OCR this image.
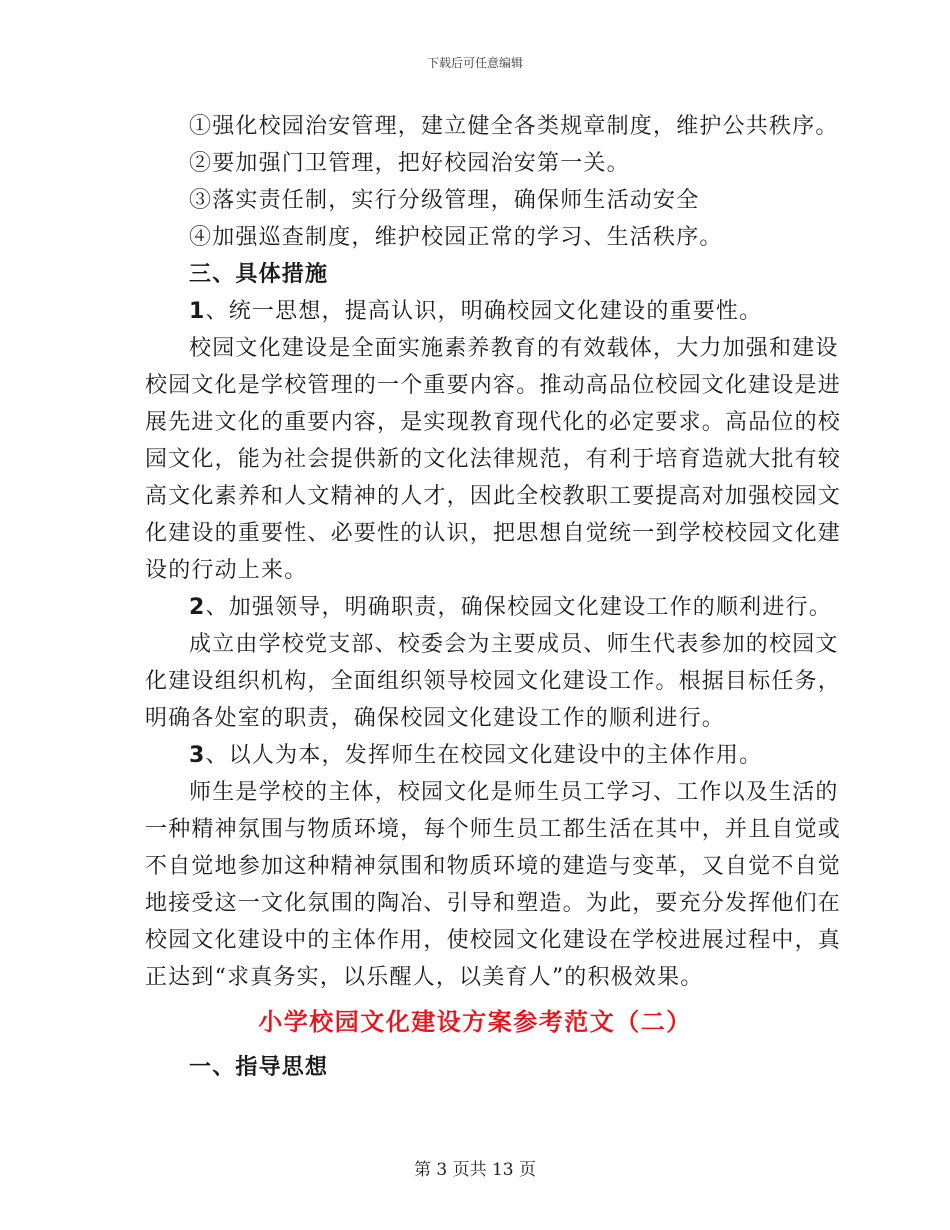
下载后可任意编辑

①强化校园治安管理，建立健全各类规章制度，维护公共秩序。

②要加强门卫管理，把好校园治安第一关。

③落实责任制，实行分级管理，确保师生活动安全

④加强巡查制度，维护校园正常的学习、生活秩序。

三、具体措施

1、统一思想，提高认识，明确校园文化建设的重要性。

校园文化建设是全面实施素养教育的有效载体，大力加强和建设

校园文化是学校管理的一个重要内容。推动高品位校园文化建设是进

展先进文化的重要内容，是实现教育现代化的必定要求。高品位的校

园文化，能为社会提供新的文化法律规范，有利于培育造就大批有较

高文化素养和人文精神的人才，因此全校教职工要提高对加强校园文

化建设的重要性、必要性的认识，把思想自觉统一到学校校园文化建

设的行动上来。

2、加强领导，明确职责，确保校园文化建设工作的顺利进行。

成立由学校党支部、校委会为主要成员、师生代表参加的校园文

化建设组织机构，全面组织领导校园文化建设工作。根据目标任务，

明确各处室的职责，确保校园文化建设工作的顺利进行。

3、以人为本，发挥师生在校园文化建设中的主体作用。

师生是学校的主体，校园文化是师生员工学习、工作以及生活的

一种精神氛围与物质环境，每个师生员工都生活在其中，并且自觉或

不自觉地参加这种精神氛围和物质环境的建造与变革，又自觉不自觉

地接受这一文化氛围的陶冶、引导和塑造。为此，要充分发挥他们在

校园文化建设中的主体作用，使校园文化建设在学校进展过程中，真

正达到“求真务实，以乐醒人，以美育人”的积极效果。

小学校园文化建设方案参考范文（二）

一、指导思想

第 3 页共 13 页
